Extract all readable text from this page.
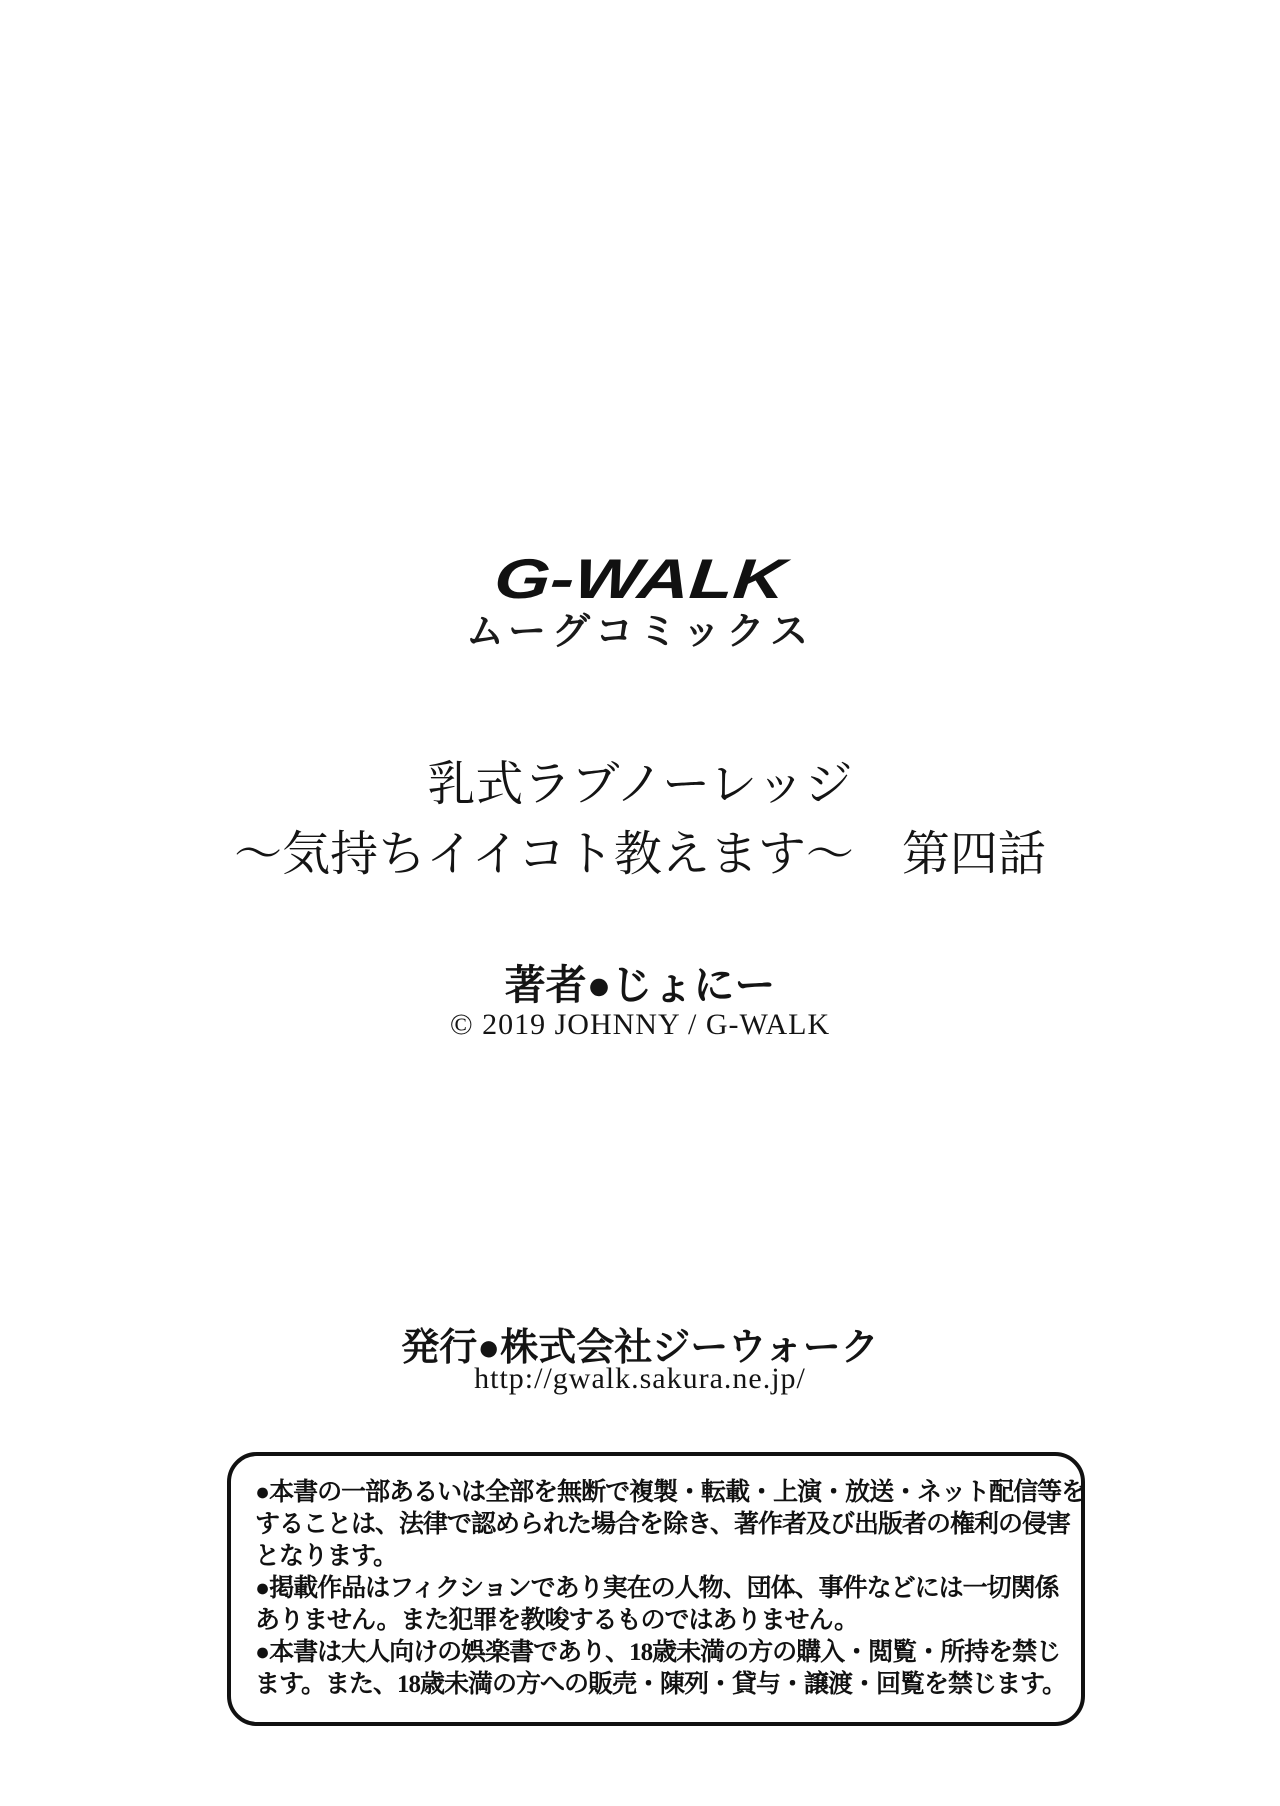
G-WALK
ムーグコミックス
乳式ラブノーレッジ
～気持ちイイコト教えます～　第四話
著者●じょにー
© 2019 JOHNNY / G-WALK
発行●株式会社ジーウォーク
http://gwalk.sakura.ne.jp/
●本書の一部あるいは全部を無断で複製・転載・上演・放送・ネット配信等を
することは、法律で認められた場合を除き、著作者及び出版者の権利の侵害
となります。
●掲載作品はフィクションであり実在の人物、団体、事件などには一切関係
ありません。また犯罪を教唆するものではありません。
●本書は大人向けの娯楽書であり、18歳未満の方の購入・閲覧・所持を禁じ
ます。また、18歳未満の方への販売・陳列・貸与・譲渡・回覧を禁じます。
